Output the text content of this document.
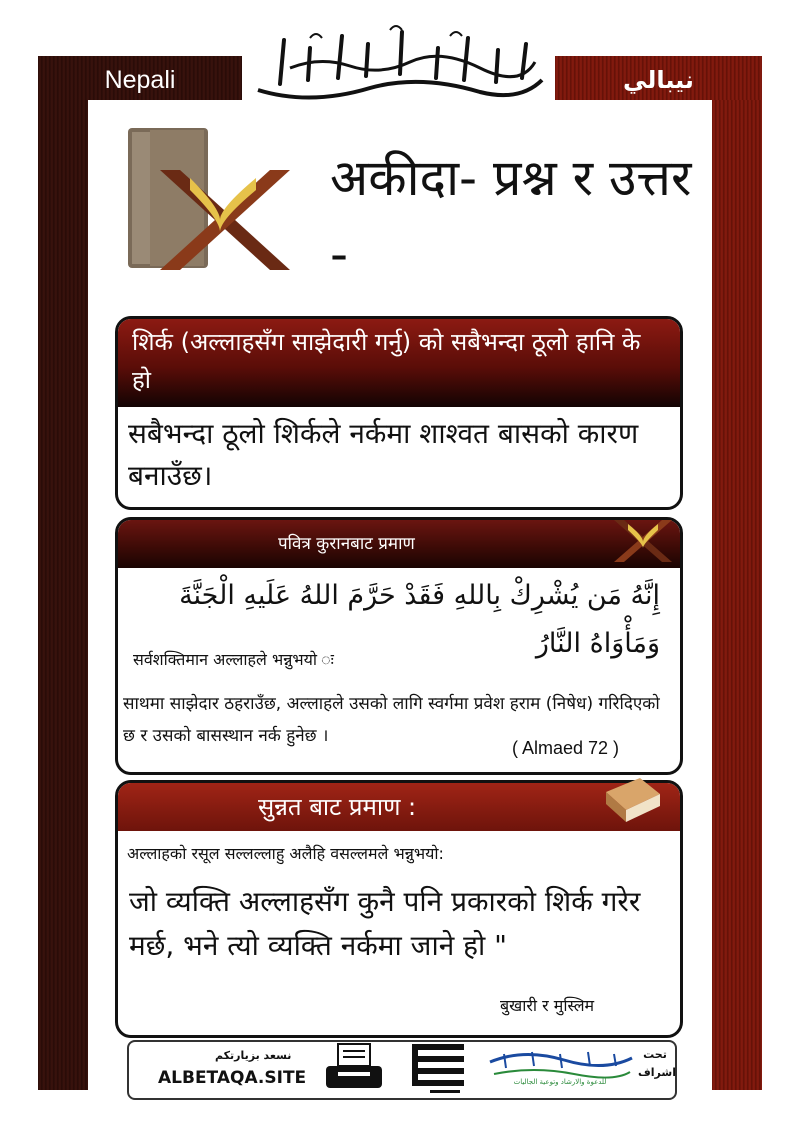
Nepali	نيبالي
अकीदा- प्रश्न र उत्तर -
शिर्क (अल्लाहसँग साझेदारी गर्नु) को सबैभन्दा ठूलो हानि के हो
सबैभन्दा ठूलो शिर्कले नर्कमा शाश्वत बासको कारण बनाउँछ।
पवित्र कुरानबाट प्रमाण
إِنَّهُ مَن يُشْرِكْ بِاللهِ فَقَدْ حَرَّمَ اللهُ عَلَيهِ الْجَنَّةَ وَمَأْوَاهُ النَّارُ
सर्वशक्तिमान अल्लाहले भन्नुभयो ः
साथमा साझेदार ठहराउँछ, अल्लाहले उसको लागि स्वर्गमा प्रवेश हराम (निषेध) गरिदिएको छ र उसको बासस्थान नर्क हुनेछ ।
( Almaed 72 )
सुन्नत बाट प्रमाण :
अल्लाहको रसूल सल्लल्लाहु अलैहि वसल्लमले भन्नुभयो:
जो व्यक्ति अल्लाहसँग कुनै पनि प्रकारको शिर्क गरेर मर्छ, भने त्यो व्यक्ति नर्कमा जाने हो "
बुखारी र मुस्लिम
نسعد بزيارتكم
ALBETAQA.SITE	للدعوة والارشاد وتوعية الجاليات
تحت اشراف
